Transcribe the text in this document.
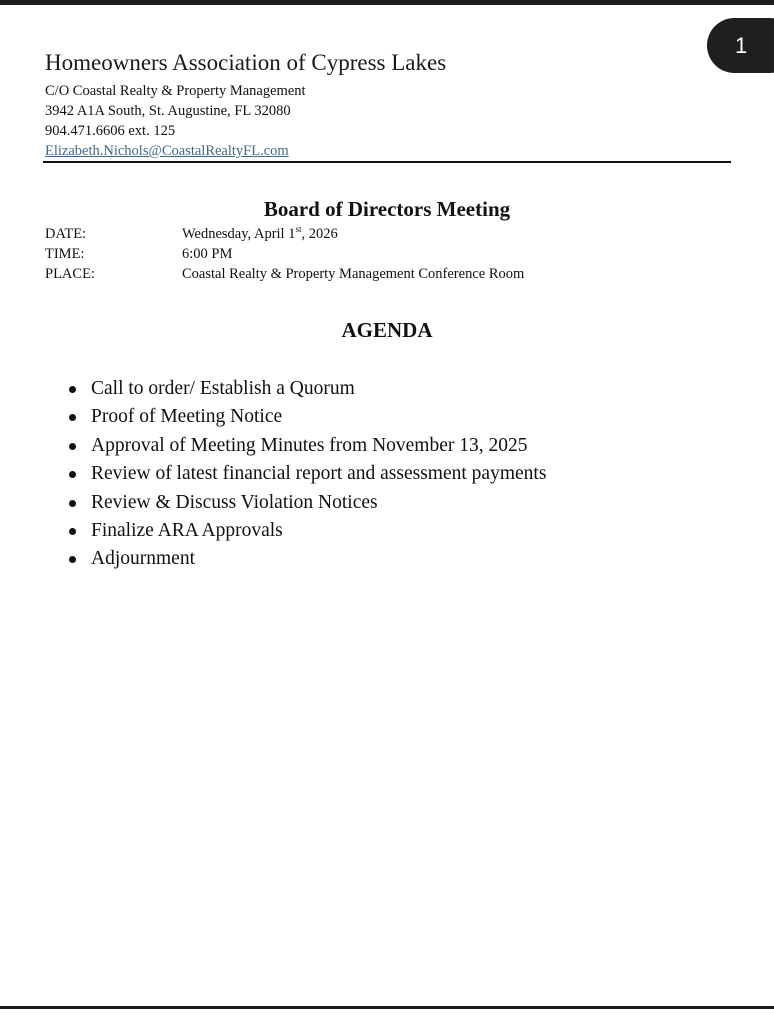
1
Homeowners Association of Cypress Lakes

C/O Coastal Realty & Property Management

3942 A1A South, St. Augustine, FL 32080

904.471.6606 ext. 125

Elizabeth.Nichols@CoastalRealtyFL.com
Board of Directors Meeting
DATE:	Wednesday, April 1st, 2026
TIME:	6:00 PM
PLACE:	Coastal Realty & Property Management Conference Room
AGENDA
Call to order/ Establish a Quorum
Proof of Meeting Notice
Approval of Meeting Minutes from November 13, 2025
Review of latest financial report and assessment payments
Review & Discuss Violation Notices
Finalize ARA Approvals
Adjournment
